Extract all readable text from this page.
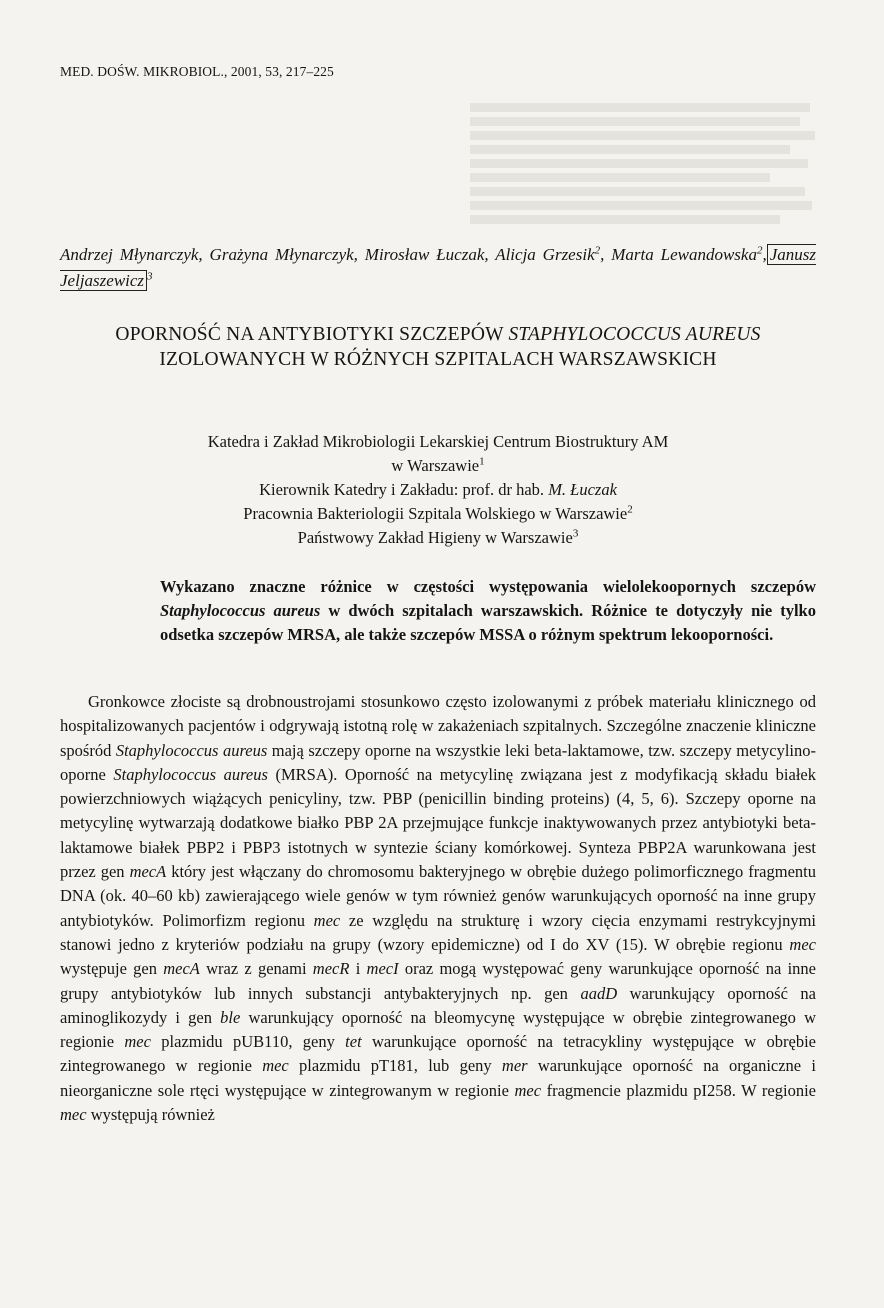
MED. DOŚW. MIKROBIOL., 2001, 53, 217–225
Andrzej Młynarczyk, Grażyna Młynarczyk, Mirosław Łuczak, Alicja Grzesik$^2$, Marta Lewandowska$^2$, Janusz Jeljaszewicz $^3$
OPORNOŚĆ NA ANTYBIOTYKI SZCZEPÓW STAPHYLOCOCCUS AUREUS IZOLOWANYCH W RÓŻNYCH SZPITALACH WARSZAWSKICH
Katedra i Zakład Mikrobiologii Lekarskiej Centrum Biostruktury AM
w Warszawie$^1$
Kierownik Katedry i Zakładu: prof. dr hab. M. Łuczak
Pracownia Bakteriologii Szpitala Wolskiego w Warszawie$^2$
Państwowy Zakład Higieny w Warszawie$^3$
Wykazano znaczne różnice w częstości występowania wielolekoopornych szczepów Staphylococcus aureus w dwóch szpitalach warszawskich. Różnice te dotyczyły nie tylko odsetka szczepów MRSA, ale także szczepów MSSA o różnym spektrum lekooporności.

Gronkowce złociste są drobnoustrojami stosunkowo często izolowanymi z próbek materiału klinicznego od hospitalizowanych pacjentów i odgrywają istotną rolę w zakażeniach szpitalnych. Szczególne znaczenie kliniczne spośród Staphylococcus aureus mają szczepy oporne na wszystkie leki beta-laktamowe, tzw. szczepy metycylino-oporne Staphylococcus aureus (MRSA). Oporność na metycylinę związana jest z modyfikacją składu białek powierzchniowych wiążących penicyliny, tzw. PBP (penicillin binding proteins) (4, 5, 6). Szczepy oporne na metycylinę wytwarzają dodatkowe białko PBP 2A przejmujące funkcje inaktywowanych przez antybiotyki beta-laktamowe białek PBP2 i PBP3 istotnych w syntezie ściany komórkowej. Synteza PBP2A warunkowana jest przez gen mecA który jest włączany do chromosomu bakteryjnego w obrębie dużego polimorficznego fragmentu DNA (ok. 40–60 kb) zawierającego wiele genów w tym również genów warunkujących oporność na inne grupy antybiotyków. Polimorfizm regionu mec ze względu na strukturę i wzory cięcia enzymami restrykcyjnymi stanowi jedno z kryteriów podziału na grupy (wzory epidemiczne) od I do XV (15). W obrębie regionu mec występuje gen mecA wraz z genami mecR i mecI oraz mogą występować geny warunkujące oporność na inne grupy antybiotyków lub innych substancji antybakteryjnych np. gen aadD warunkujący oporność na aminoglikozydy i gen ble warunkujący oporność na bleomycynę występujące w obrębie zintegrowanego w regionie mec plazmidu pUB110, geny tet warunkujące oporność na tetracykliny występujące w obrębie zintegrowanego w regionie mec plazmidu pT181, lub geny mer warunkujące oporność na organiczne i nieorganiczne sole rtęci występujące w zintegrowanym w regionie mec fragmencie plazmidu pI258. W regionie mec występują również
